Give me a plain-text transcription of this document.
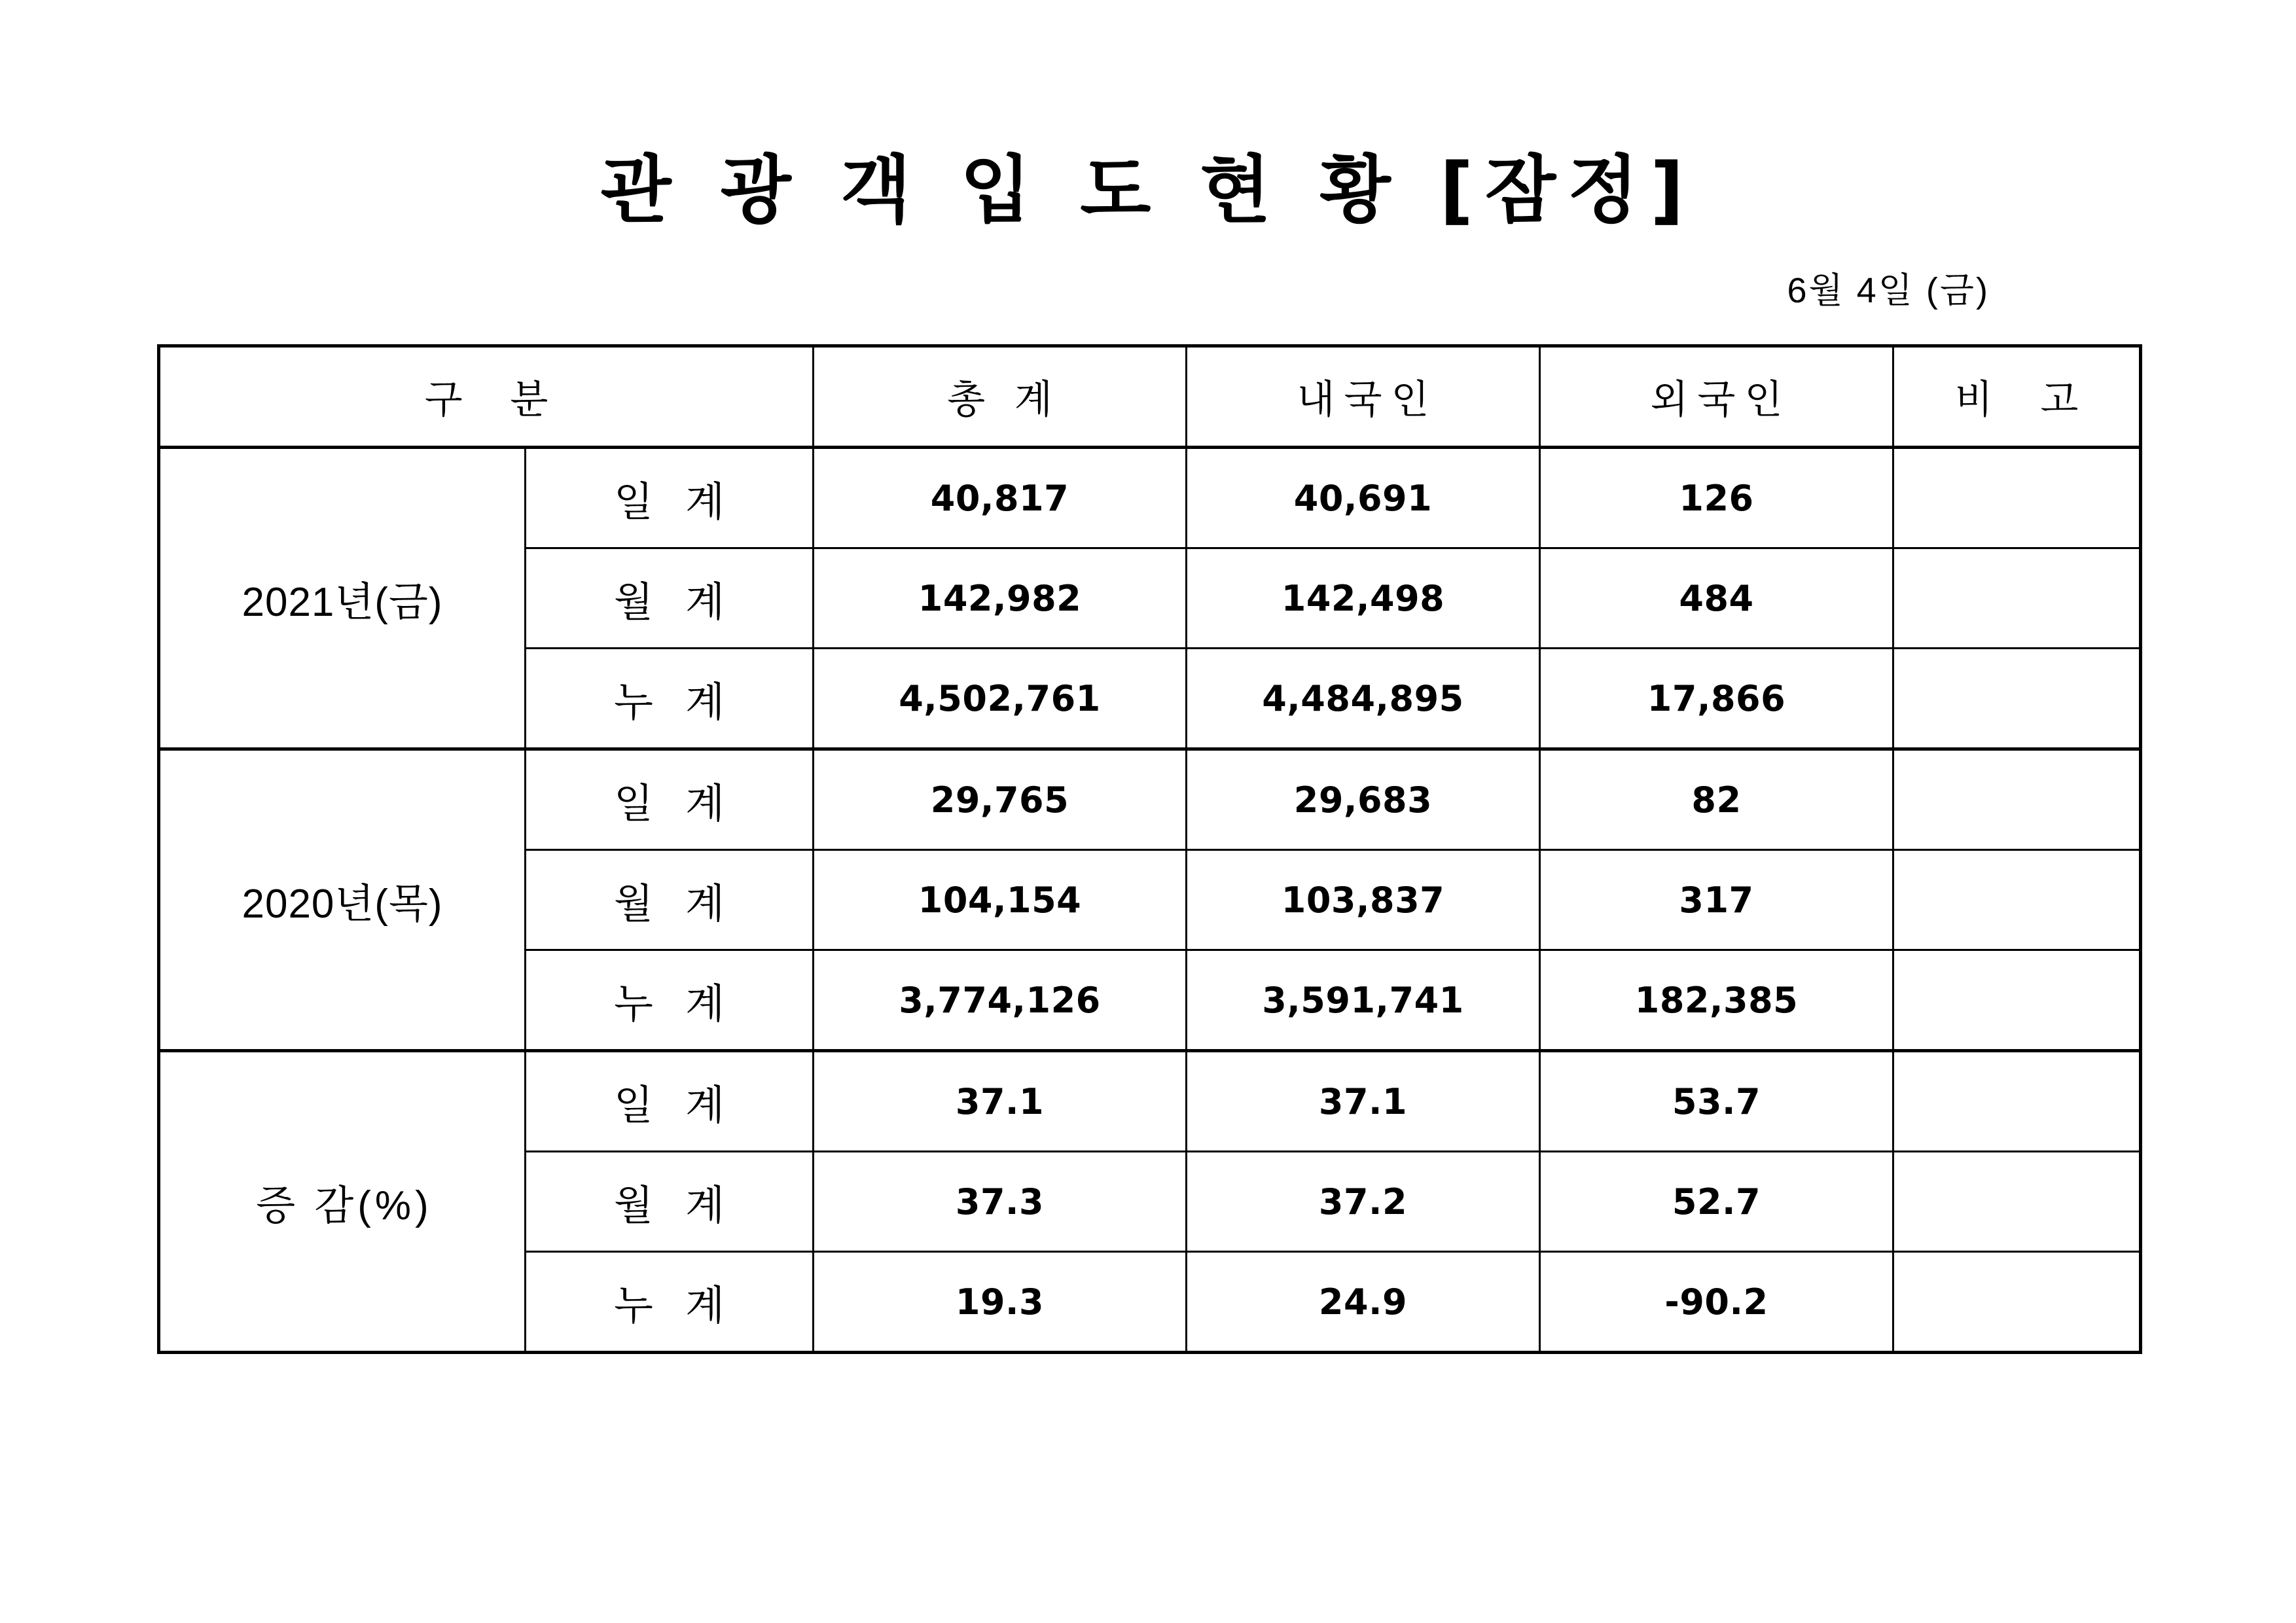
관 광 객 입 도 현 황 [잠정]
6월 4일 (금)
구 분		총 계	내국인	외국인	비 고
2021년(금)	일 계	40,817	40,691	126	
	월 계	142,982	142,498	484	
	누 계	4,502,761	4,484,895	17,866	
2020년(목)	일 계	29,765	29,683	82	
	월 계	104,154	103,837	317	
	누 계	3,774,126	3,591,741	182,385	
증 감(%)	일 계	37.1	37.1	53.7	
	월 계	37.3	37.2	52.7	
	누 계	19.3	24.9	-90.2	
